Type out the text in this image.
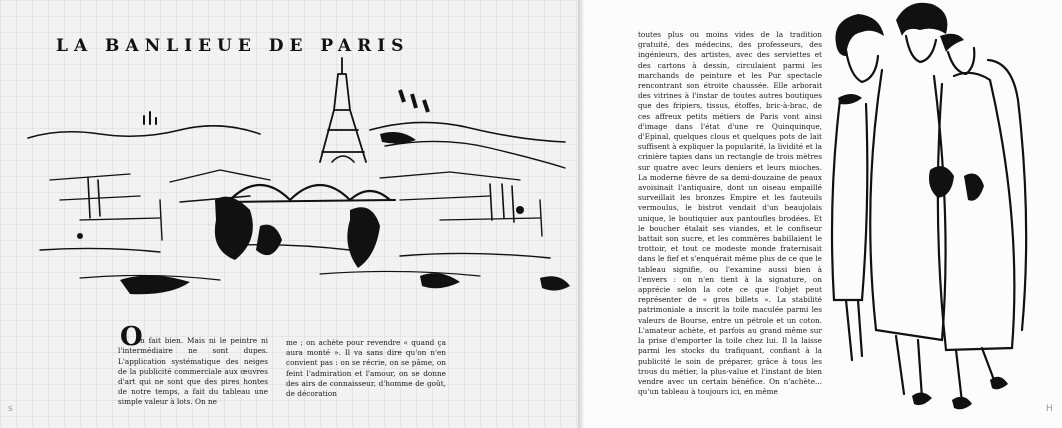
LA BANLIEUE DE PARIS
O

n fait bien. Mais ni le peintre ni l'intermédiaire ne sont dupes. L'application systématique des neiges de la publicité commerciale aux œuvres d'art qui ne sont que des pires hontes de notre temps, a fait du tableau une simple valeur à lots. On ne

me ; on achète pour revendre « quand ça aura monté ». Il va sans dire qu'on n'en convient pas : on se récrie, on se pâme, on feint l'admiration et l'amour, on se donne des airs de connaisseur, d'homme de goût, de décoration
s
toutes plus ou moins vides de la tradition gratuité, des médecins, des professeurs, des ingénieurs, des artistes, avec des serviettes et des cartons à dessin, circulaient parmi les marchands de peinture et les Pur spectacle rencontrant son étroite chaussée. Elle arborait des vitrines à l'instar de toutes autres boutiques que des fripiers, tissus, étoffes, bric-à-brac, de ces affreux petits métiers de Paris vont ainsi d'image dans l'état d'une re Quinquinque, d'Epinal, quelques clous et quelques pots de lait suffisent à expliquer la popularité, la lividité et la crinière tapies dans un rectangle de trois mètres sur quatre avec leurs deniers et leurs mioches. La moderne fièvre de sa demi-douzaine de peaux avoisinait l'antiquaire, dont un oiseau empaillé surveillait les bronzes Empire et les fauteuils vermoulus, le bistrot vendait d'un beaujolais unique, le boutiquier aux pantoufles brodées. Et le boucher étalait ses viandes, et le confiseur battait son sucre, et les commères babillaient le trottoir, et tout ce modeste monde fraternisait dans le fief et s'enquérait même plus de ce que le tableau signifie, ou l'examine aussi bien à l'envers : on n'en tient à la signature, on apprécie selon la cote ce que l'objet peut représenter de « gros billets ». La stabilité patrimoniale a inscrit la toile maculée parmi les valeurs de Bourse, entre un pétrole et un coton. L'amateur achète, et parfois au grand même sur la prise d'emporter la toile chez lui. Il la laisse parmi les stocks du trafiquant, confiant à la publicité le soin de préparer, grâce à tous les trous du métier, la plus-value et l'instant de bien vendre avec un certain bénéfice. On n'achète... qu'un tableau à toujours ici, en même
H
